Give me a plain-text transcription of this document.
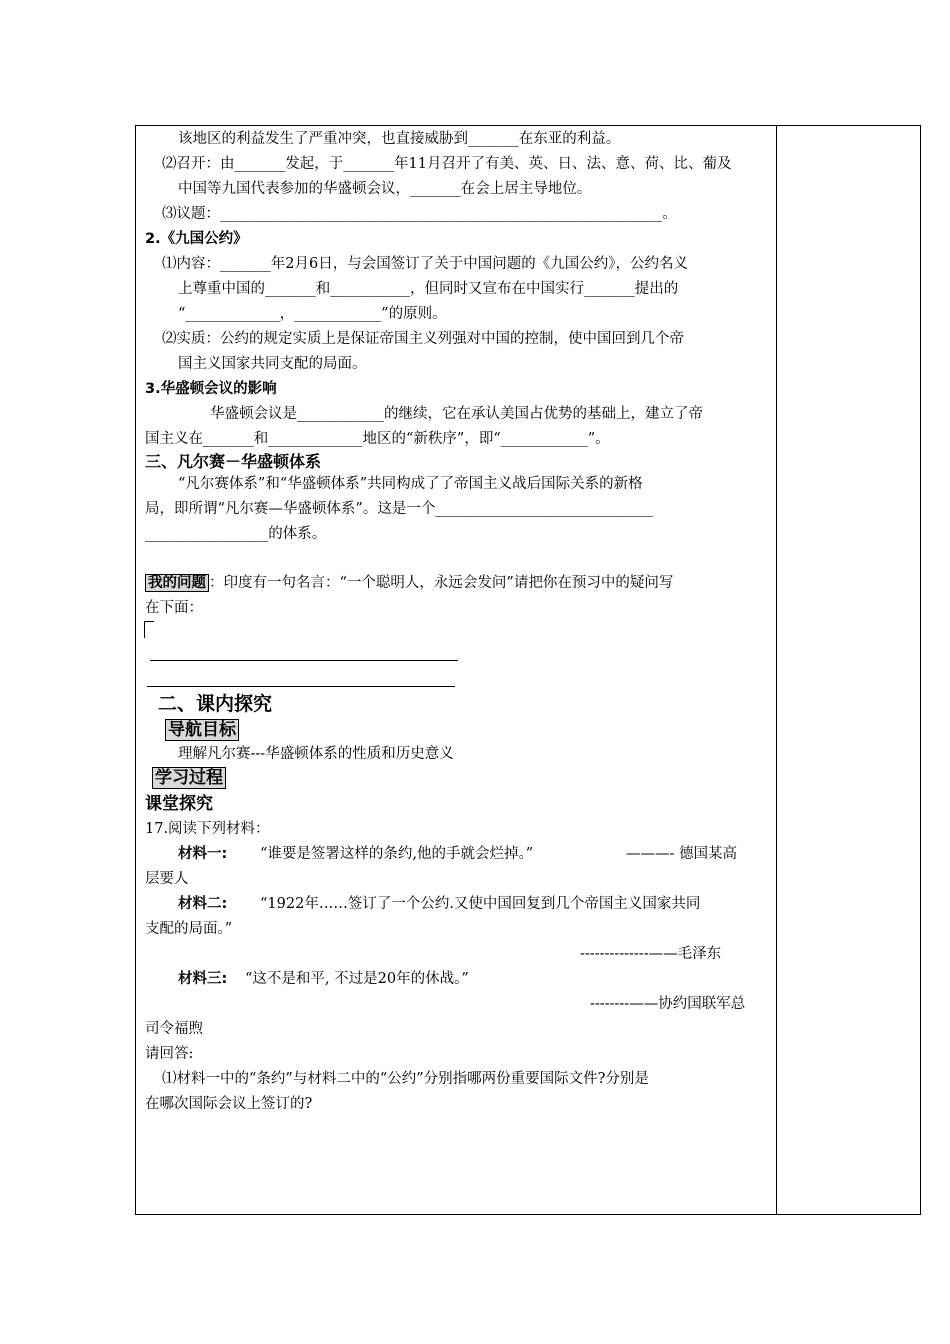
该地区的利益发生了严重冲突，也直接威胁到_______在东亚的利益。
⑵召开：由_______发起，于_______年11月召开了有美、英、日、法、意、荷、比、葡及
中国等九国代表参加的华盛顿会议，_______在会上居主导地位。
⑶议题：_____________________________________________________________。
2.《九国公约》
⑴内容：_______年2月6日，与会国签订了关于中国问题的《九国公约》，公约名义
上尊重中国的_______和___________，但同时又宣布在中国实行_______提出的
“_____________，____________”的原则。
⑵实质：公约的规定实质上是保证帝国主义列强对中国的控制，使中国回到几个帝
国主义国家共同支配的局面。
3.华盛顿会议的影响
华盛顿会议是____________的继续，它在承认美国占优势的基础上，建立了帝
国主义在_______和_____________地区的“新秩序”，即“____________”。
三、凡尔赛－华盛顿体系
“凡尔赛体系”和“华盛顿体系”共同构成了了帝国主义战后国际关系的新格
局，即所谓“凡尔赛—华盛顿体系”。这是一个______________________________
_________________的体系。
我的问题 ：印度有一句名言：“一个聪明人，永远会发问”请把你在预习中的疑问写
在下面：
二、课内探究
导航目标
理解凡尔赛---华盛顿体系的性质和历史意义
学习过程
课堂探究
17.阅读下列材料：
材料一: “谁要是签署这样的条约,他的手就会烂掉。”	———- 德国某高
层要人
材料二: “1922年……签订了一个公约.又使中国回复到几个帝国主义国家共同
支配的局面。”
--------------——毛泽东
材料三: “这不是和平, 不过是20年的休战。”
--------——协约国联军总
司令福煦
请回答:
⑴材料一中的“条约”与材料二中的“公约”分别指哪两份重要国际文件?分别是
在哪次国际会议上签订的?
